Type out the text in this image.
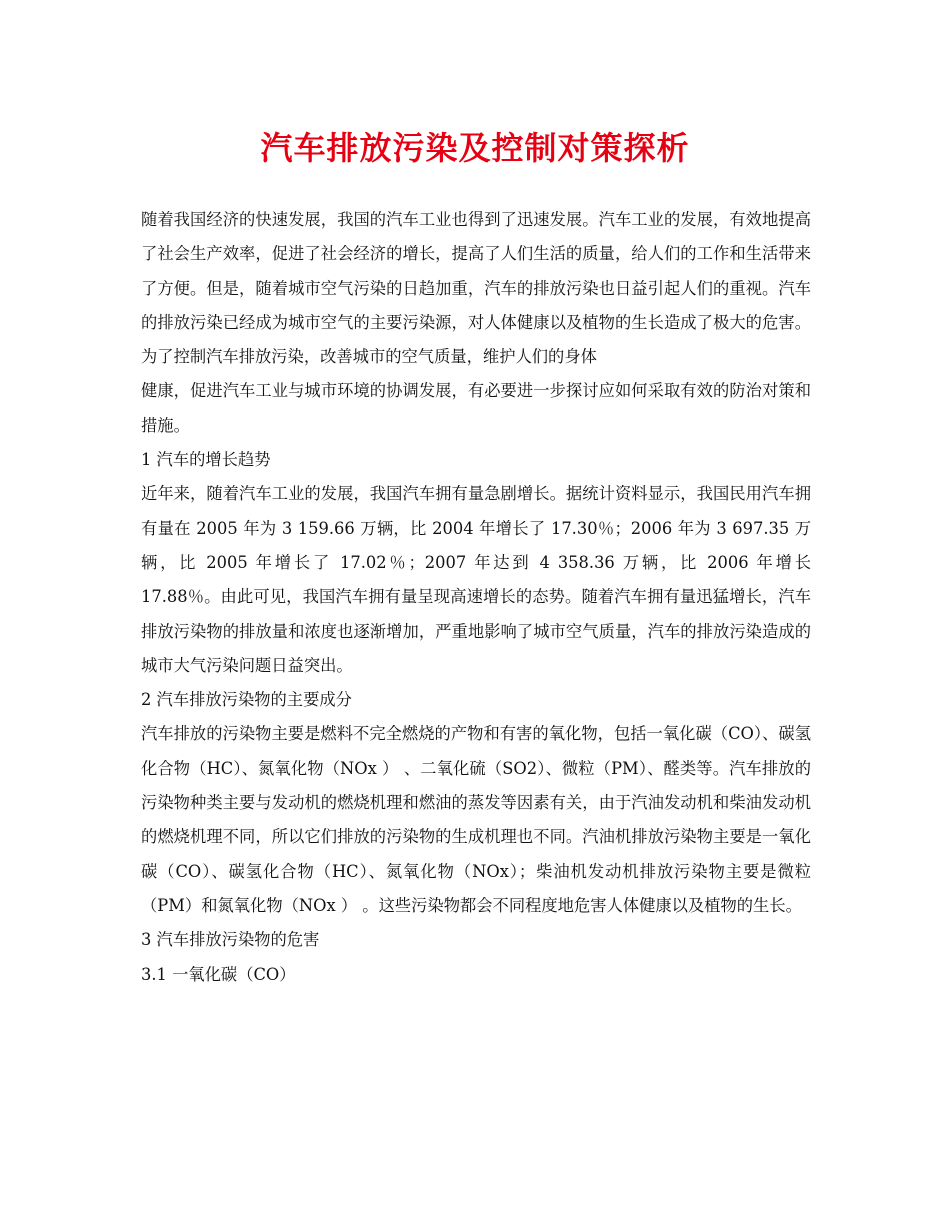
汽车排放污染及控制对策探析

随着我国经济的快速发展，我国的汽车工业也得到了迅速发展。汽车工业的发展，有效地提高了社会生产效率，促进了社会经济的增长，提高了人们生活的质量，给人们的工作和生活带来了方便。但是，随着城市空气污染的日趋加重，汽车的排放污染也日益引起人们的重视。汽车的排放污染已经成为城市空气的主要污染源，对人体健康以及植物的生长造成了极大的危害。为了控制汽车排放污染，改善城市的空气质量，维护人们的身体

健康，促进汽车工业与城市环境的协调发展，有必要进一步探讨应如何采取有效的防治对策和措施。

1 汽车的增长趋势

近年来，随着汽车工业的发展，我国汽车拥有量急剧增长。据统计资料显示，我国民用汽车拥有量在 2005 年为 3 159.66 万辆，比 2004 年增长了 17.30％；2006 年为 3 697.35 万辆，比 2005 年增长了 17.02％；2007 年达到 4 358.36 万辆，比 2006 年增长 17.88％。由此可见，我国汽车拥有量呈现高速增长的态势。随着汽车拥有量迅猛增长，汽车排放污染物的排放量和浓度也逐渐增加，严重地影响了城市空气质量，汽车的排放污染造成的城市大气污染问题日益突出。

2 汽车排放污染物的主要成分

汽车排放的污染物主要是燃料不完全燃烧的产物和有害的氧化物，包括一氧化碳（CO）、碳氢化合物（HC）、氮氧化物（NOx ） 、二氧化硫（SO2）、微粒（PM）、醛类等。汽车排放的污染物种类主要与发动机的燃烧机理和燃油的蒸发等因素有关，由于汽油发动机和柴油发动机的燃烧机理不同，所以它们排放的污染物的生成机理也不同。汽油机排放污染物主要是一氧化碳（CO）、碳氢化合物（HC）、氮氧化物（NOx）；柴油机发动机排放污染物主要是微粒（PM）和氮氧化物（NOx ） 。这些污染物都会不同程度地危害人体健康以及植物的生长。

3 汽车排放污染物的危害

3.1 一氧化碳（CO）
